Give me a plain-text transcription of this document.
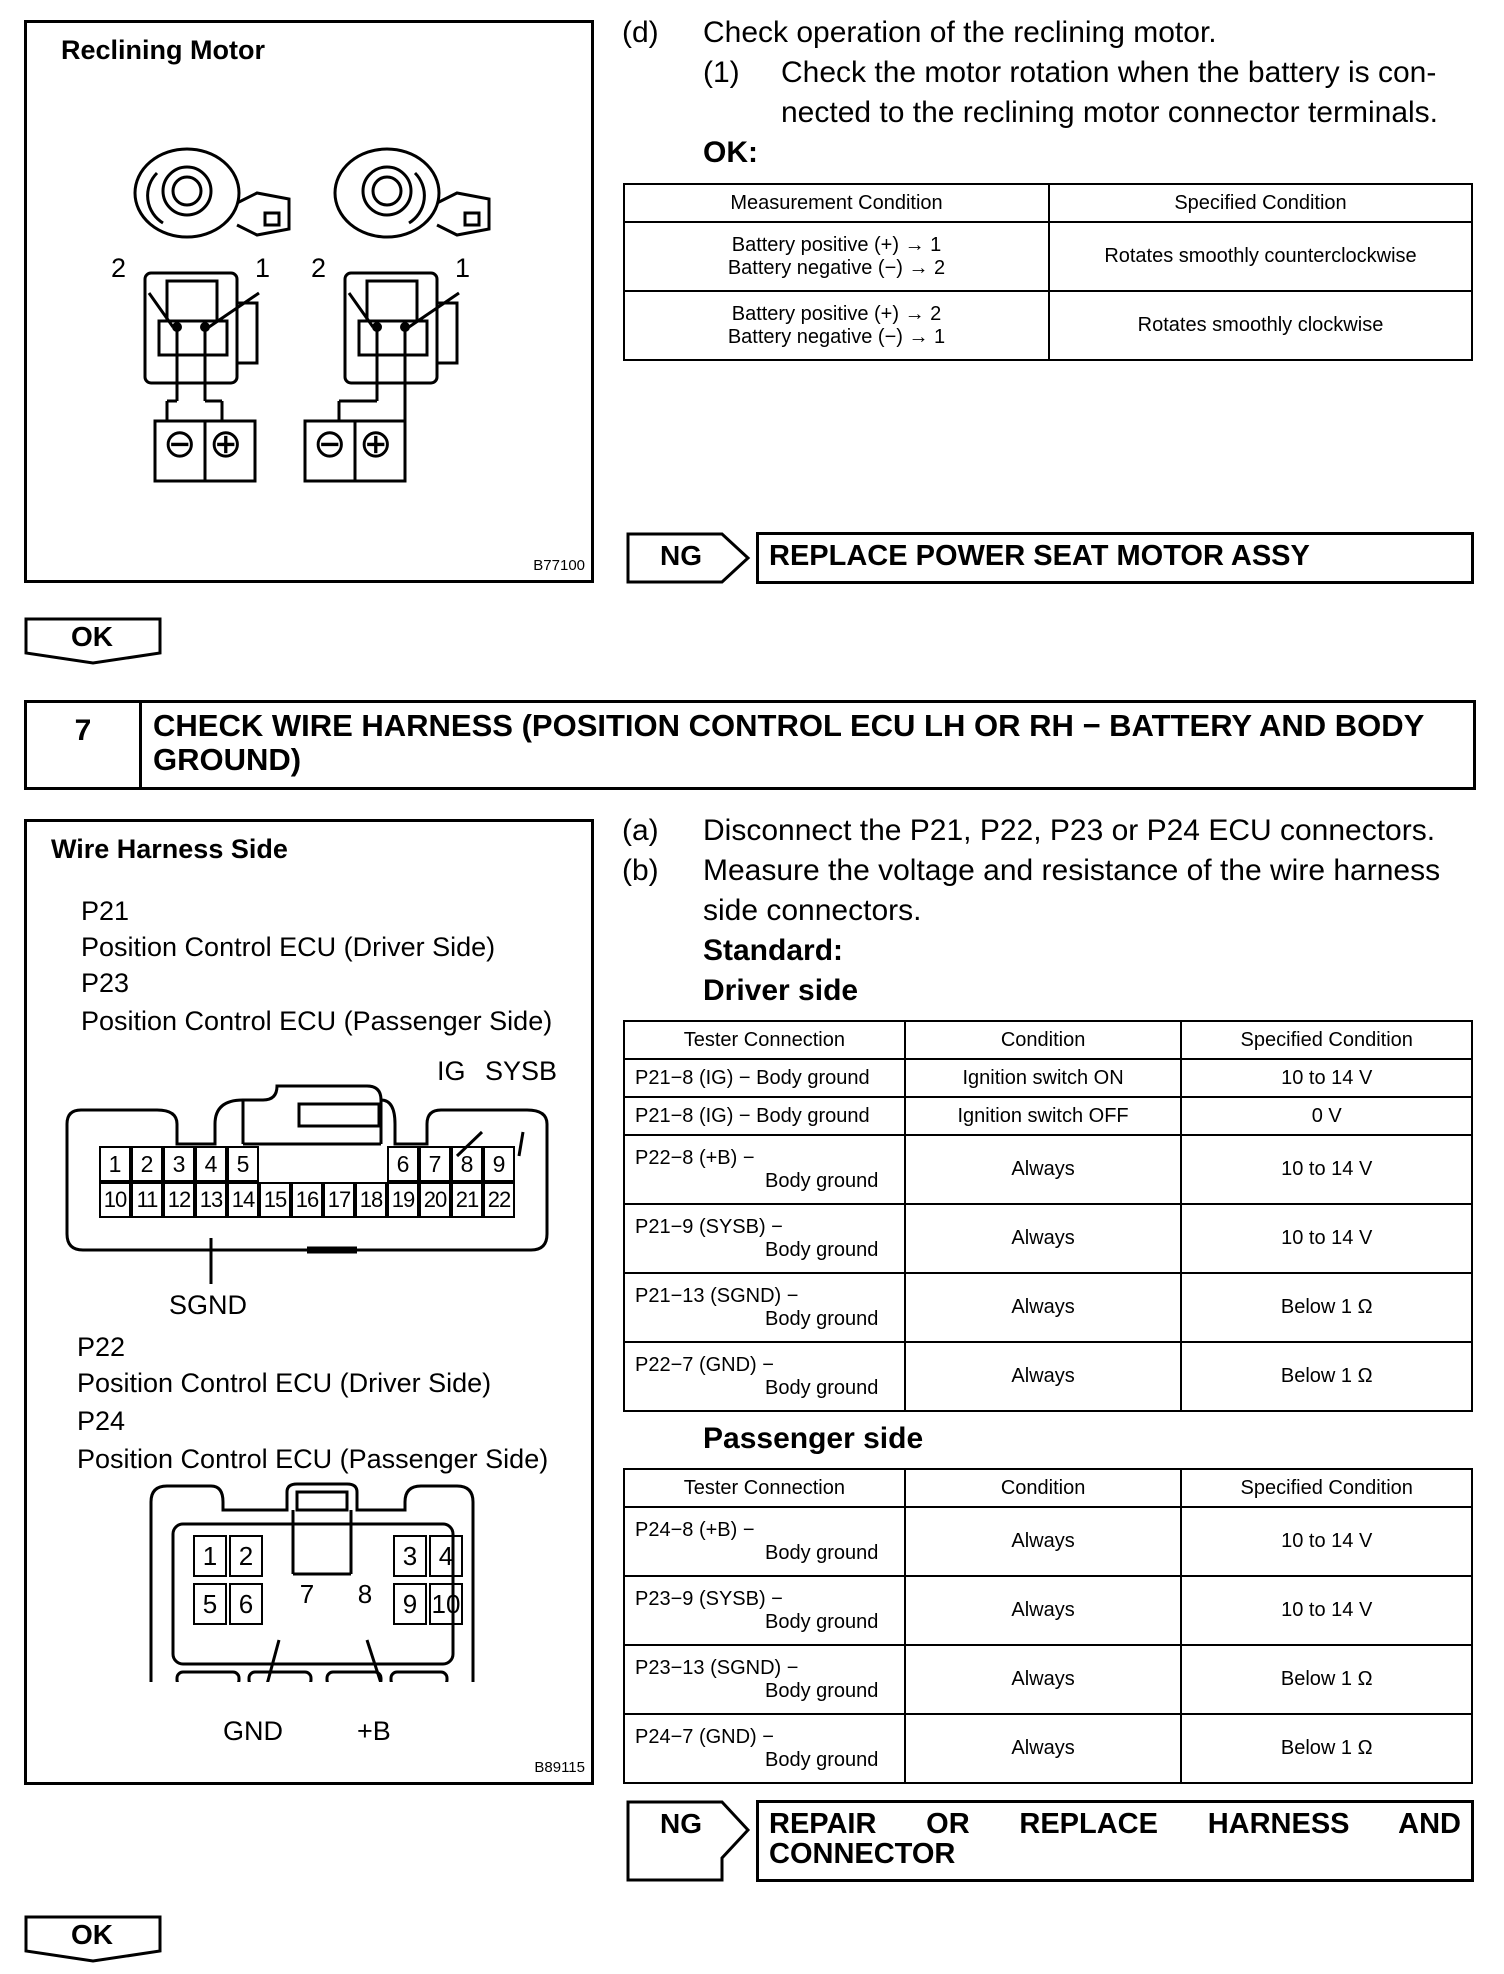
Reclining Motor
2	1 2	1
⊖ ⊕ ⊖ ⊕
B77100
(d) Check operation of the reclining motor.
(1) Check the motor rotation when the battery is con-
nected to the reclining motor connector terminals.
OK:
Measurement Condition	Specified Condition
Battery positive (+) → 1
Battery negative (−) → 2	Rotates smoothly counterclockwise
Battery positive (+) → 2
Battery negative (−) → 1	Rotates smoothly clockwise
NG	REPLACE POWER SEAT MOTOR ASSY
OK
7	CHECK WIRE HARNESS (POSITION CONTROL ECU LH OR RH − BATTERY AND BODY GROUND)
Wire Harness Side
P21
Position Control ECU (Driver Side)
P23
Position Control ECU (Passenger Side)
IG SYSB
1 2 3 4 5	6 7 8 9
10 11 12 13 14 15 16 17 18 19 20 21 22
SGND
P22
Position Control ECU (Driver Side)
P24
Position Control ECU (Passenger Side)
1 2	3 4
5 6	7	8	9 10
GND	+B
B89115
(a) Disconnect the P21, P22, P23 or P24 ECU connectors.
(b) Measure the voltage and resistance of the wire harness
side connectors.
Standard:
Driver side
Tester Connection	Condition	Specified Condition

P21−8 (IG) − Body ground	Ignition switch ON	10 to 14 V

P21−8 (IG) − Body ground	Ignition switch OFF	0 V

P22−8 (+B) −
Body ground	Always	10 to 14 V

P21−9 (SYSB) −
Body ground	Always	10 to 14 V

P21−13 (SGND) −
Body ground	Always	Below 1 Ω

P22−7 (GND) −
Body ground	Always	Below 1 Ω
Passenger side
Tester Connection	Condition	Specified Condition

P24−8 (+B) −
Body ground	Always	10 to 14 V

P23−9 (SYSB) −
Body ground	Always	10 to 14 V

P23−13 (SGND) −
Body ground	Always	Below 1 Ω

P24−7 (GND) −
Body ground	Always	Below 1 Ω
NG REPAIR OR REPLACE HARNESS AND
CONNECTOR
OK
